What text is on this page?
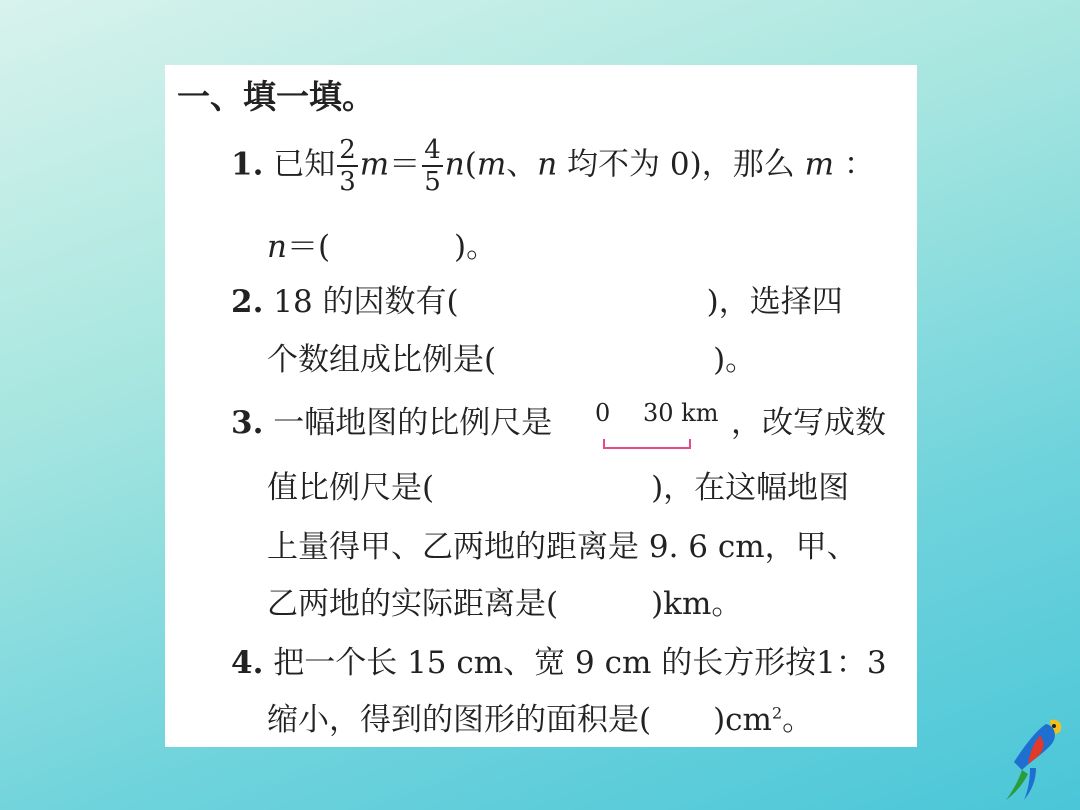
一、填一填。
1. 已知 $\frac{2}{3} m= \frac{4}{5} n(m$、n 均不为 0)，那么 m ：
n＝(　　　　)。
2. 18 的因数有(　　　　　　　　)，选择四
个数组成比例是(　　　　　　　)。
3. 一幅地图的比例尺是 0 30 km ，改写成数
值比例尺是(　　　　　　　)，在这幅地图
上量得甲、乙两地的距离是 9. 6 cm，甲、
乙两地的实际距离是(　　　)km。
4. 把一个长 15 cm、宽 9 cm 的长方形按1：3
缩小，得到的图形的面积是(　　)$cm^2$。
